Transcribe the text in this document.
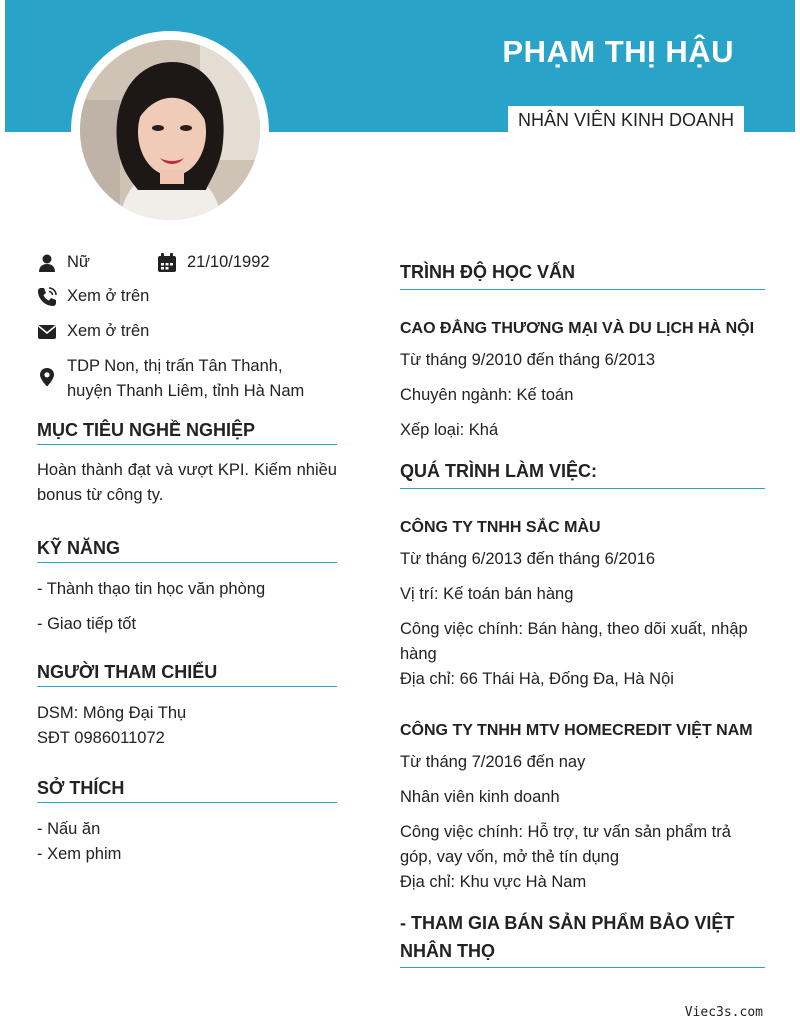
PHẠM THỊ HẬU
NHÂN VIÊN KINH DOANH
Nữ	21/10/1992
Xem ở trên
Xem ở trên
TDP Non, thị trấn Tân Thanh,
huyện Thanh Liêm, tỉnh Hà Nam
MỤC TIÊU NGHỀ NGHIỆP
Hoàn thành đạt và vượt KPI. Kiếm nhiều bonus từ công ty.
KỸ NĂNG
- Thành thạo tin học văn phòng
- Giao tiếp tốt
NGƯỜI THAM CHIẾU
DSM: Mông Đại Thụ
SĐT 0986011072
SỞ THÍCH
- Nấu ăn
- Xem phim
TRÌNH ĐỘ HỌC VẤN
CAO ĐẲNG THƯƠNG MẠI VÀ DU LỊCH HÀ NỘI
Từ tháng 9/2010 đến tháng 6/2013
Chuyên ngành: Kế toán
Xếp loại: Khá
QUÁ TRÌNH LÀM VIỆC:
CÔNG TY TNHH SẮC MÀU
Từ tháng 6/2013 đến tháng 6/2016
Vị trí: Kế toán bán hàng
Công việc chính: Bán hàng, theo dõi xuất, nhập hàng
Địa chỉ: 66 Thái Hà, Đống Đa, Hà Nội
CÔNG TY TNHH MTV HOMECREDIT VIỆT NAM
Từ tháng 7/2016 đến nay
Nhân viên kinh doanh
Công việc chính: Hỗ trợ, tư vấn sản phẩm trả góp, vay vốn, mở thẻ tín dụng
Địa chỉ: Khu vực Hà Nam
- THAM GIA BÁN SẢN PHẨM BẢO VIỆT NHÂN THỌ
Viec3s.com
